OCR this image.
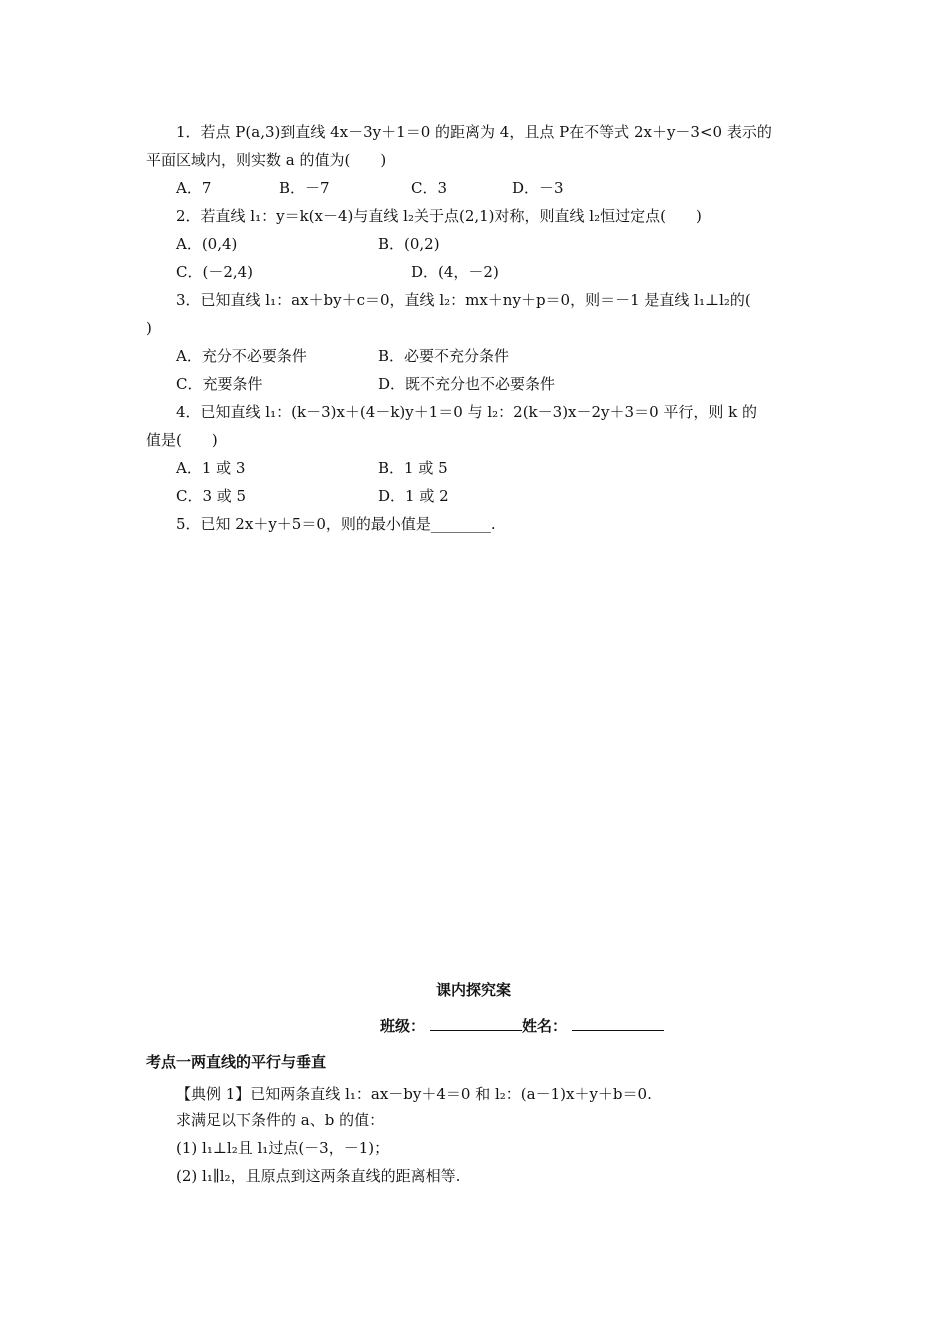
1．若点 P(a,3)到直线 4x－3y＋1＝0 的距离为 4，且点 P在不等式 2x＋y－3<0 表示的
平面区域内，则实数 a 的值为(　　)
A．7	B．－7	C．3	D．－3
2．若直线 l₁：y＝k(x－4)与直线 l₂关于点(2,1)对称，则直线 l₂恒过定点(　　)
A．(0,4)	B．(0,2)
C．(－2,4)	D．(4，－2)
3．已知直线 l₁：ax＋by＋c＝0，直线 l₂：mx＋ny＋p＝0，则＝－1 是直线 l₁⊥l₂的(
)
A．充分不必要条件	B．必要不充分条件
C．充要条件	D．既不充分也不必要条件
4．已知直线 l₁：(k－3)x＋(4－k)y＋1＝0 与 l₂：2(k－3)x－2y＋3＝0 平行，则 k 的
值是(　　)
A．1 或 3	B．1 或 5
C．3 或 5	D．1 或 2
5．已知 2x＋y＋5＝0，则的最小值是________.
课内探究案
班级：	姓名：
考点一两直线的平行与垂直
【典例 1】已知两条直线 l₁：ax－by＋4＝0 和 l₂：(a－1)x＋y＋b＝0.
求满足以下条件的 a、b 的值：
(1) l₁⊥l₂且 l₁过点(－3，－1)；
(2) l₁∥l₂，且原点到这两条直线的距离相等.
